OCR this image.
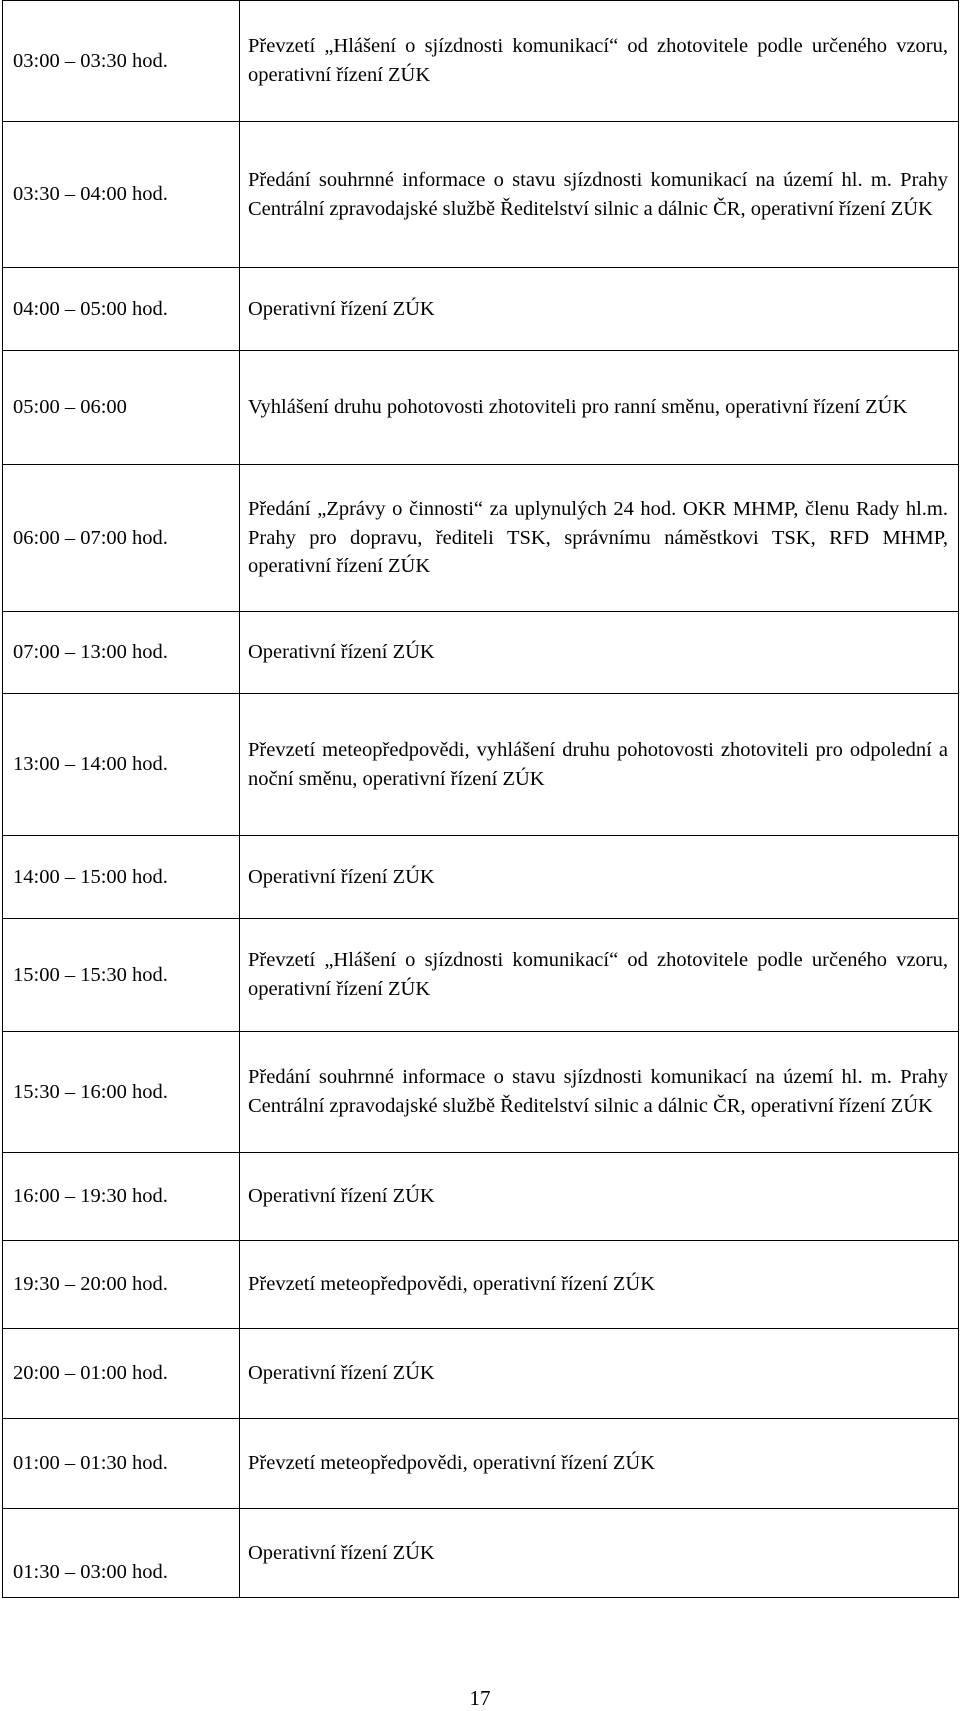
03:00 – 03:30 hod.	Převzetí „Hlášení o sjízdnosti komunikací“ od zhotovitele podle určeného vzoru, operativní řízení ZÚK
03:30 – 04:00 hod.	Předání souhrnné informace o stavu sjízdnosti komunikací na území hl. m. Prahy Centrální zpravodajské službě Ředitelství silnic a dálnic ČR, operativní řízení ZÚK
04:00 – 05:00 hod.	Operativní řízení ZÚK
05:00 – 06:00	Vyhlášení druhu pohotovosti zhotoviteli pro ranní směnu, operativní řízení ZÚK
06:00 – 07:00 hod.	Předání „Zprávy o činnosti“ za uplynulých 24 hod. OKR MHMP, členu Rady hl.m. Prahy pro dopravu, řediteli TSK, správnímu náměstkovi TSK, RFD MHMP, operativní řízení ZÚK
07:00 – 13:00 hod.	Operativní řízení ZÚK
13:00 – 14:00 hod.	Převzetí meteopředpovědi, vyhlášení druhu pohotovosti zhotoviteli pro odpolední a noční směnu, operativní řízení ZÚK
14:00 – 15:00 hod.	Operativní řízení ZÚK
15:00 – 15:30 hod.	Převzetí „Hlášení o sjízdnosti komunikací“ od zhotovitele podle určeného vzoru, operativní řízení ZÚK
15:30 – 16:00 hod.	Předání souhrnné informace o stavu sjízdnosti komunikací na území hl. m. Prahy Centrální zpravodajské službě Ředitelství silnic a dálnic ČR, operativní řízení ZÚK
16:00 – 19:30 hod.	Operativní řízení ZÚK
19:30 – 20:00 hod.	Převzetí meteopředpovědi, operativní řízení ZÚK
20:00 – 01:00 hod.	Operativní řízení ZÚK
01:00 – 01:30 hod.	Převzetí meteopředpovědi, operativní řízení ZÚK
01:30 – 03:00 hod.	Operativní řízení ZÚK
17
